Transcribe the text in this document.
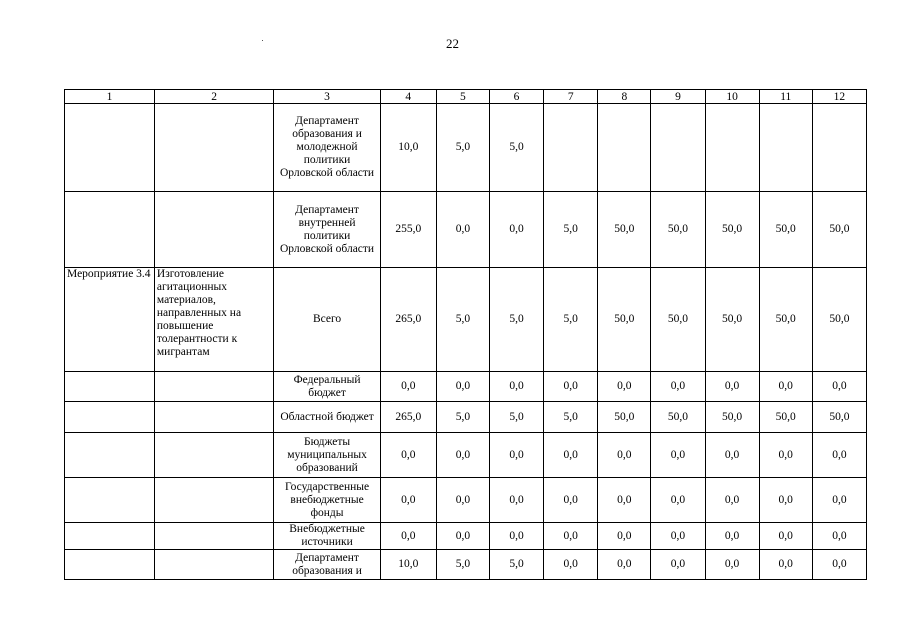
22
1	2	3	4	5	6	7	8	9	10	11	12
		Департамент образования и молодежной политики Орловской области	10,0	5,0	5,0						
		Департамент внутренней политики Орловской области	255,0	0,0	0,0	5,0	50,0	50,0	50,0	50,0	50,0
Мероприятие 3.4	Изготовление агитационных материалов, направленных на повышение толерантности к мигрантам	Всего	265,0	5,0	5,0	5,0	50,0	50,0	50,0	50,0	50,0
		Федеральный бюджет	0,0	0,0	0,0	0,0	0,0	0,0	0,0	0,0	0,0
		Областной бюджет	265,0	5,0	5,0	5,0	50,0	50,0	50,0	50,0	50,0
		Бюджеты муниципальных образований	0,0	0,0	0,0	0,0	0,0	0,0	0,0	0,0	0,0
		Государственные внебюджетные фонды	0,0	0,0	0,0	0,0	0,0	0,0	0,0	0,0	0,0
		Внебюджетные источники	0,0	0,0	0,0	0,0	0,0	0,0	0,0	0,0	0,0
		Департамент образования и	10,0	5,0	5,0	0,0	0,0	0,0	0,0	0,0	0,0
